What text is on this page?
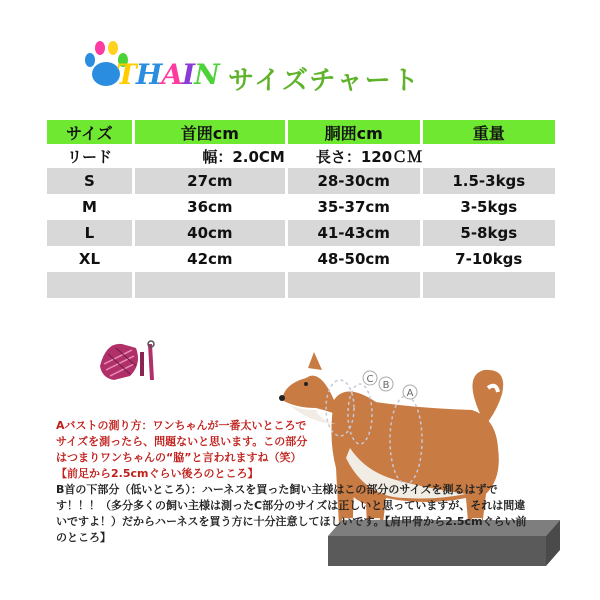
THAIN サイズチャート
サイズ	首囲cm	胴囲cm	重量
リード	幅：2.0CM	長さ：120ＣＭ	
S	27cm	28-30cm	1.5-3kgs
M	36cm	35-37cm	3-5kgs
L	40cm	41-43cm	5-8kgs
XL	42cm	48-50cm	7-10kgs

C
B
A

Aバストの測り方：ワンちゃんが一番太いところでサイズを測ったら、問題ないと思います。この部分はつまりワンちゃんの“脇”と言われますね（笑）【前足から2.5cmぐらい後ろのところ】

B首の下部分（低いところ）：ハーネスを買った飼い主様はこの部分のサイズを測るはずです！！！（多分多くの飼い主様は測ったC部分のサイズは正しいと思っていますが、それは間違いですよ！）だからハーネスを買う方に十分注意してほしいです。【肩甲骨から2.5cmぐらい前のところ】
